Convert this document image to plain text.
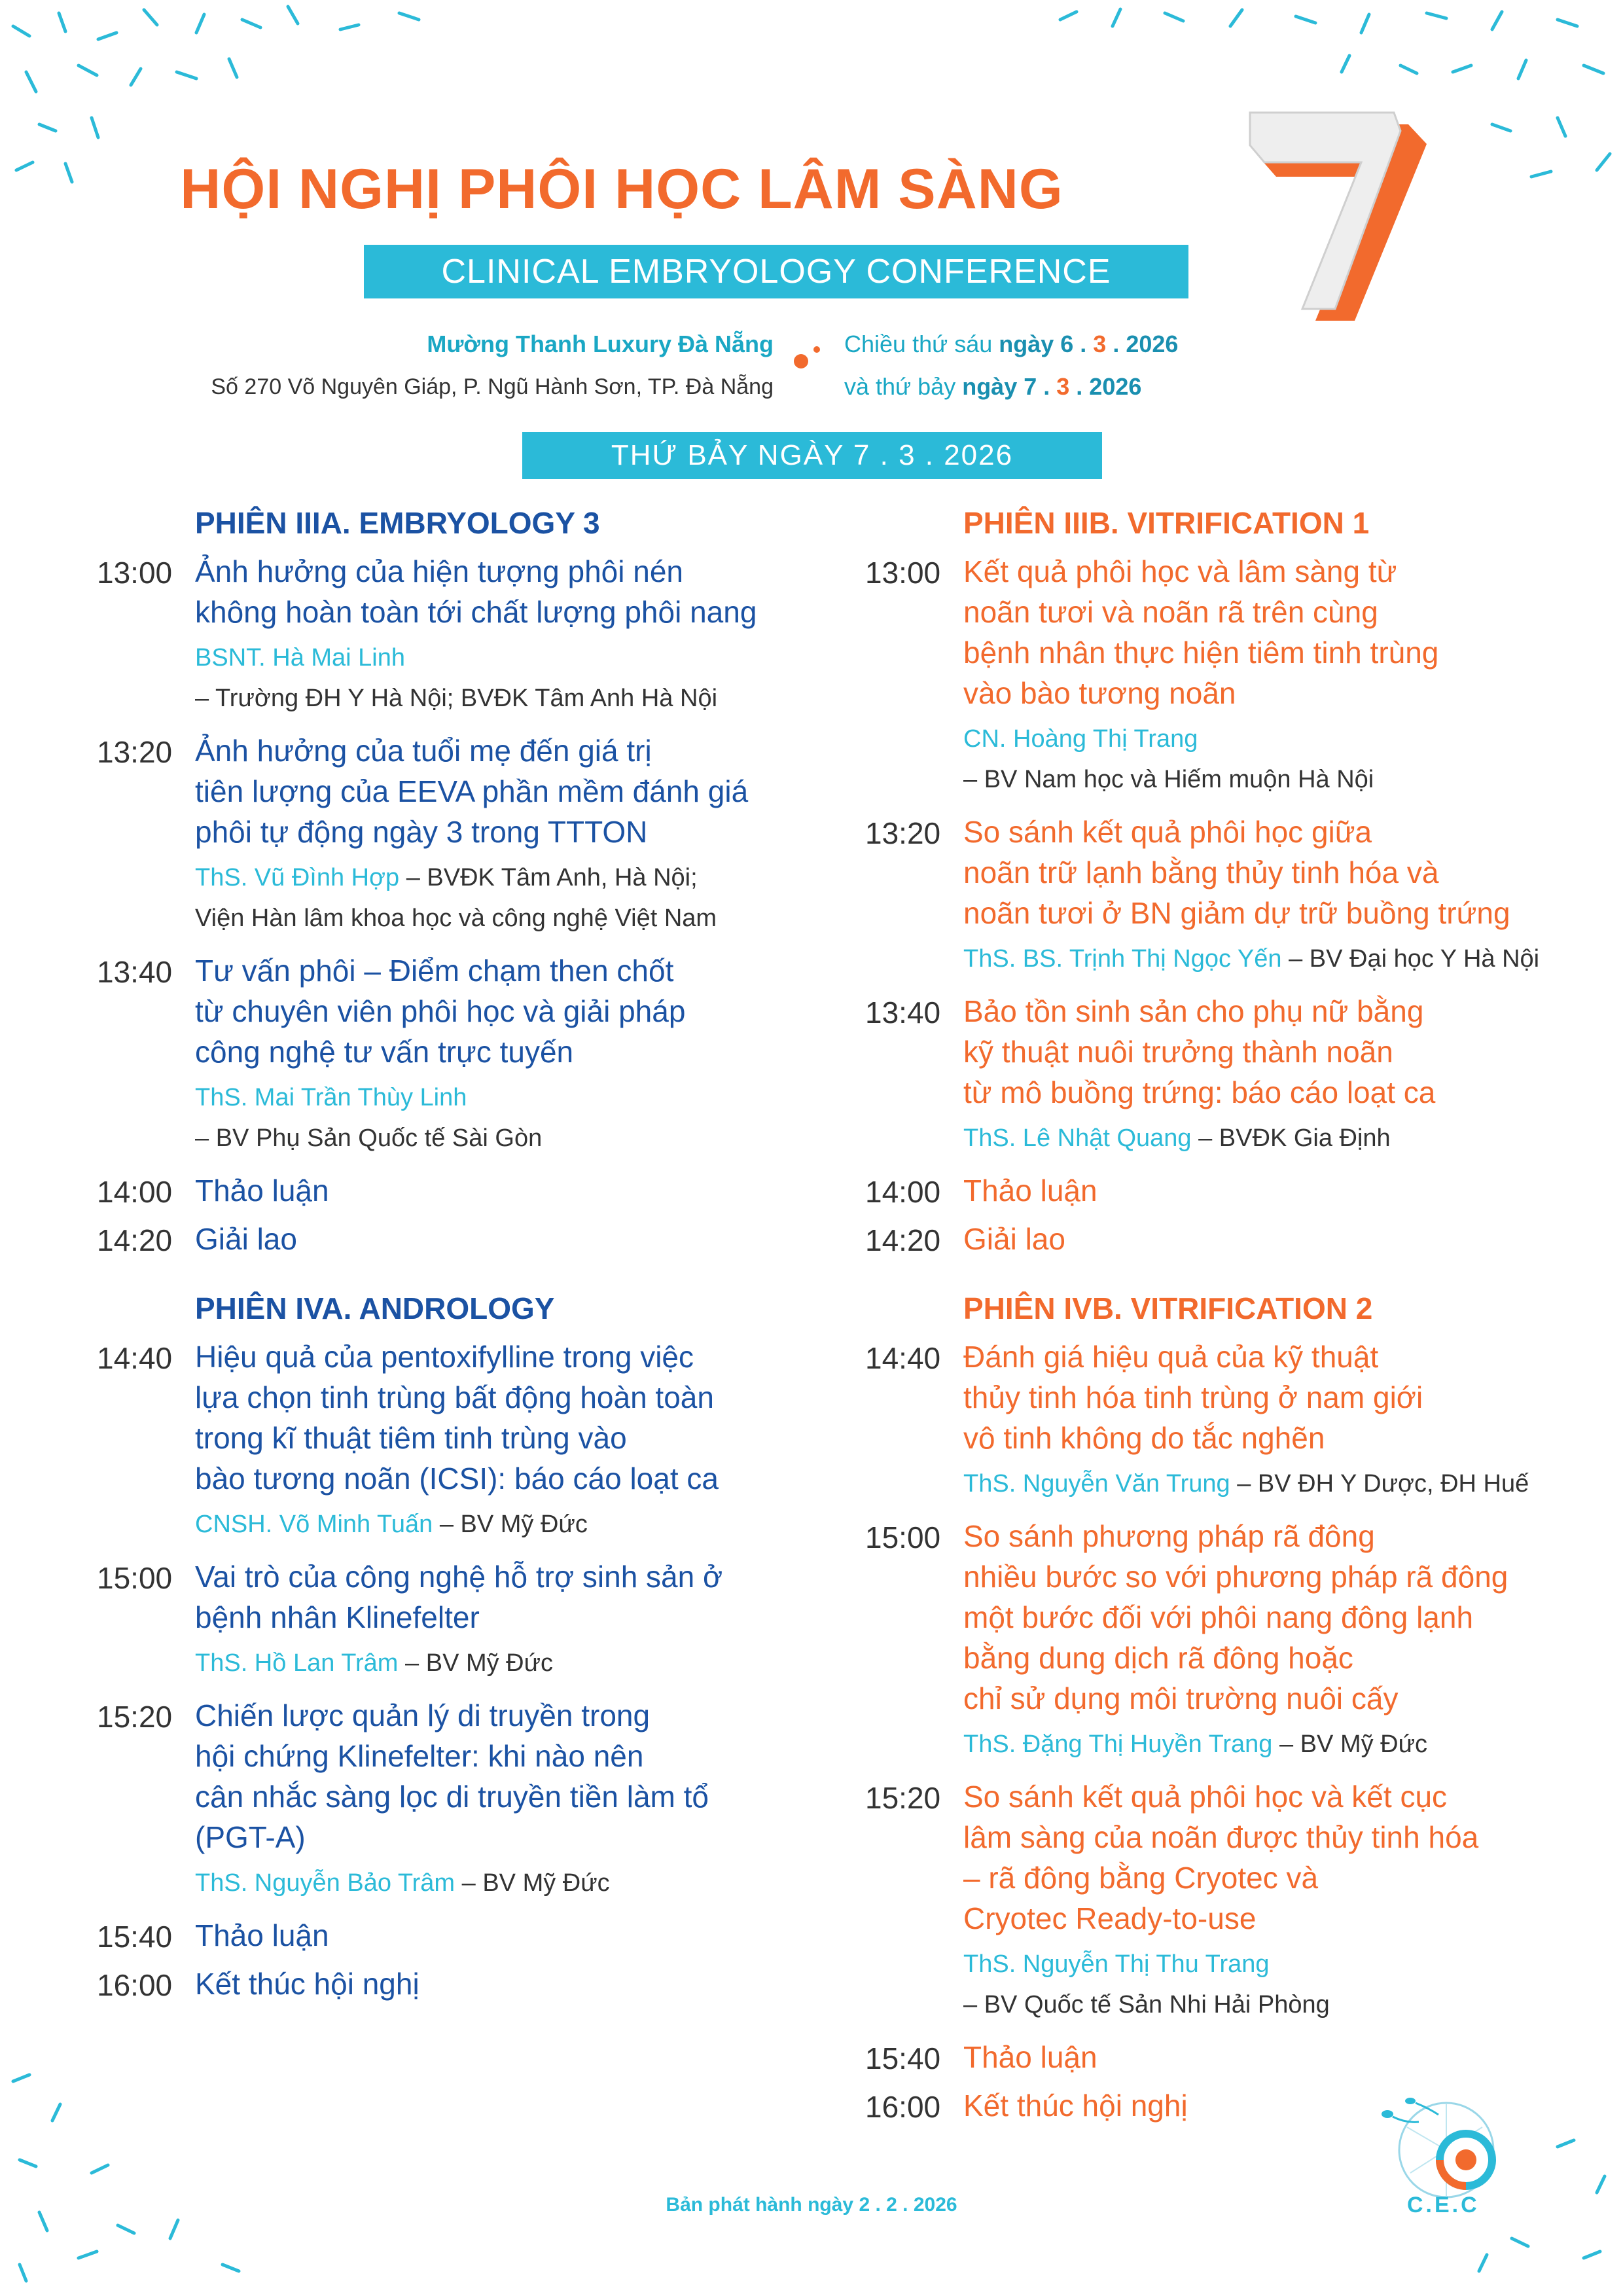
HỘI NGHỊ PHÔI HỌC LÂM SÀNG
CLINICAL EMBRYOLOGY CONFERENCE
7
Mường Thanh Luxury Đà Nẵng
Số 270 Võ Nguyên Giáp, P. Ngũ Hành Sơn, TP. Đà Nẵng
Chiều thứ sáu ngày 6 . 3 . 2026
và thứ bảy ngày 7 . 3 . 2026
THỨ BẢY NGÀY 7 . 3 . 2026
PHIÊN IIIA. EMBRYOLOGY 3
13:00 Ảnh hưởng của hiện tượng phôi nén
không hoàn toàn tới chất lượng phôi nang
BSNT. Hà Mai Linh
– Trường ĐH Y Hà Nội; BVĐK Tâm Anh Hà Nội
13:20 Ảnh hưởng của tuổi mẹ đến giá trị
tiên lượng của EEVA phần mềm đánh giá
phôi tự động ngày 3 trong TTTON
ThS. Vũ Đình Hợp – BVĐK Tâm Anh, Hà Nội;
Viện Hàn lâm khoa học và công nghệ Việt Nam
13:40 Tư vấn phôi – Điểm chạm then chốt
từ chuyên viên phôi học và giải pháp
công nghệ tư vấn trực tuyến
ThS. Mai Trần Thùy Linh
– BV Phụ Sản Quốc tế Sài Gòn
14:00 Thảo luận
14:20 Giải lao
PHIÊN IVA. ANDROLOGY
14:40 Hiệu quả của pentoxifylline trong việc
lựa chọn tinh trùng bất động hoàn toàn
trong kĩ thuật tiêm tinh trùng vào
bào tương noãn (ICSI): báo cáo loạt ca
CNSH. Võ Minh Tuấn – BV Mỹ Đức
15:00 Vai trò của công nghệ hỗ trợ sinh sản ở
bệnh nhân Klinefelter
ThS. Hồ Lan Trâm – BV Mỹ Đức
15:20 Chiến lược quản lý di truyền trong
hội chứng Klinefelter: khi nào nên
cân nhắc sàng lọc di truyền tiền làm tổ
(PGT-A)
ThS. Nguyễn Bảo Trâm – BV Mỹ Đức
15:40 Thảo luận
16:00 Kết thúc hội nghị
PHIÊN IIIB. VITRIFICATION 1
13:00 Kết quả phôi học và lâm sàng từ
noãn tươi và noãn rã trên cùng
bệnh nhân thực hiện tiêm tinh trùng
vào bào tương noãn
CN. Hoàng Thị Trang
– BV Nam học và Hiếm muộn Hà Nội
13:20 So sánh kết quả phôi học giữa
noãn trữ lạnh bằng thủy tinh hóa và
noãn tươi ở BN giảm dự trữ buồng trứng
ThS. BS. Trịnh Thị Ngọc Yến – BV Đại học Y Hà Nội
13:40 Bảo tồn sinh sản cho phụ nữ bằng
kỹ thuật nuôi trưởng thành noãn
từ mô buồng trứng: báo cáo loạt ca
ThS. Lê Nhật Quang – BVĐK Gia Định
14:00 Thảo luận
14:20 Giải lao
PHIÊN IVB. VITRIFICATION 2
14:40 Đánh giá hiệu quả của kỹ thuật
thủy tinh hóa tinh trùng ở nam giới
vô tinh không do tắc nghẽn
ThS. Nguyễn Văn Trung – BV ĐH Y Dược, ĐH Huế
15:00 So sánh phương pháp rã đông
nhiều bước so với phương pháp rã đông
một bước đối với phôi nang đông lạnh
bằng dung dịch rã đông hoặc
chỉ sử dụng môi trường nuôi cấy
ThS. Đặng Thị Huyền Trang – BV Mỹ Đức
15:20 So sánh kết quả phôi học và kết cục
lâm sàng của noãn được thủy tinh hóa
– rã đông bằng Cryotec và
Cryotec Ready-to-use
ThS. Nguyễn Thị Thu Trang
– BV Quốc tế Sản Nhi Hải Phòng
15:40 Thảo luận
16:00 Kết thúc hội nghị
C.E.C
Bản phát hành ngày 2 . 2 . 2026
